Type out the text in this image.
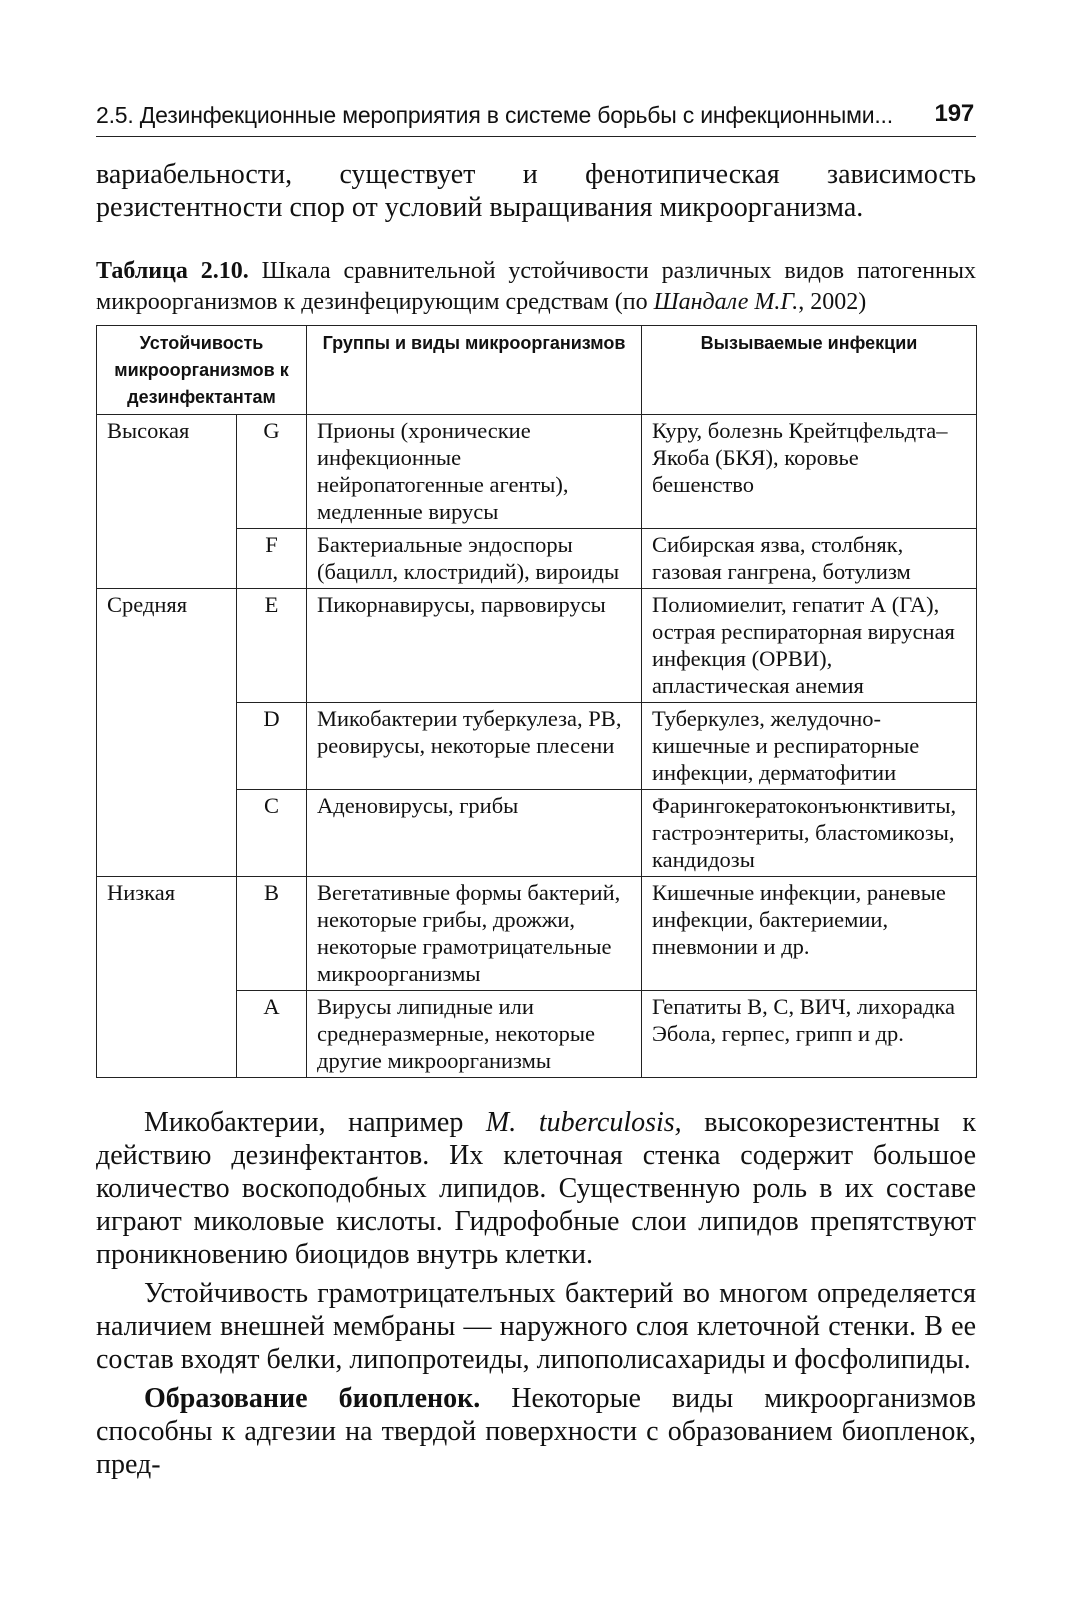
2.5. Дезинфекционные мероприятия в системе борьбы с инфекционными... 197
вариабельности, существует и фенотипическая зависимость резистентности спор от условий выращивания микроорганизма.
Таблица 2.10. Шкала сравнительной устойчивости различных видов патогенных микроорганизмов к дезинфецирующим средствам (по Шандале М.Г., 2002)
Устойчивость микроорганизмов к дезинфектантам		Группы и виды микроорганизмов	Вызываемые инфекции
Высокая	G	Прионы (хронические инфекционные нейропатогенные агенты), медленные вирусы	Куру, болезнь Крейтцфельдта–Якоба (БКЯ), коровье бешенство
	F	Бактериальные эндоспоры (бацилл, клостридий), вироиды	Сибирская язва, столбняк, газовая гангрена, ботулизм
Средняя	E	Пикорнавирусы, парвовирусы	Полиомиелит, гепатит А (ГА), острая респираторная вирусная инфекция (ОРВИ), апластическая анемия
	D	Микобактерии туберкулеза, РВ, реовирусы, некоторые плесени	Туберкулез, желудочно-кишечные и респираторные инфекции, дерматофитии
	C	Аденовирусы, грибы	Фарингокератоконъюнктивиты, гастроэнтериты, бластомикозы, кандидозы
Низкая	B	Вегетативные формы бактерий, некоторые грибы, дрожжи, некоторые грамотрицательные микроорганизмы	Кишечные инфекции, раневые инфекции, бактериемии, пневмонии и др.
	A	Вирусы липидные или среднеразмерные, некоторые другие микроорганизмы	Гепатиты В, С, ВИЧ, лихорадка Эбола, герпес, грипп и др.

Микобактерии, например M. tuberculosis, высокорезистентны к действию дезинфектантов. Их клеточная стенка содержит большое количество воскоподобных липидов. Существенную роль в их составе играют миколовые кислоты. Гидрофобные слои липидов препятствуют проникновению биоцидов внутрь клетки.

Устойчивость грамотрицателъных бактерий во многом определяется наличием внешней мембраны — наружного слоя клеточной стенки. В ее состав входят белки, липопротеиды, липополисахариды и фосфолипиды.

Образование биопленок. Некоторые виды микроорганизмов способны к адгезии на твердой поверхности с образованием биопленок, пред-
